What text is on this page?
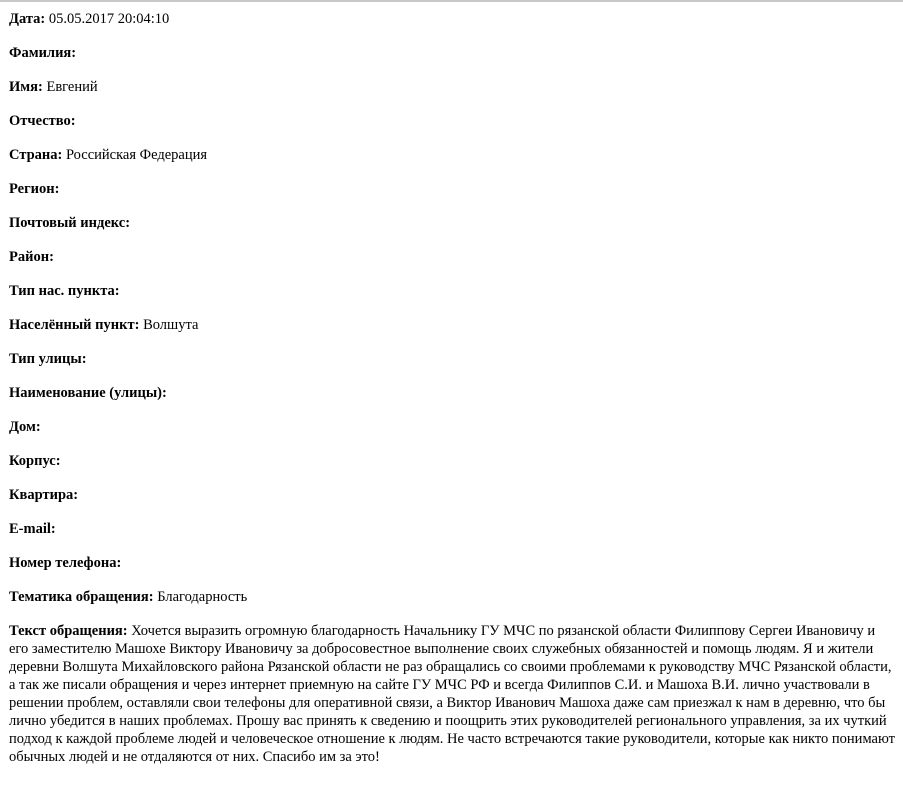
Дата: 05.05.2017 20:04:10
Фамилия:
Имя: Евгений
Отчество:
Страна: Российская Федерация
Регион:
Почтовый индекс:
Район:
Тип нас. пункта:
Населённый пункт: Волшута
Тип улицы:
Наименование (улицы):
Дом:
Корпус:
Квартира:
E-mail:
Номер телефона:
Тематика обращения: Благодарность
Текст обращения: Хочется выразить огромную благодарность Начальнику ГУ МЧС по рязанской области Филиппову Сергеи Ивановичу и его заместителю Машохе Виктору Ивановичу за добросовестное выполнение своих служебных обязанностей и помощь людям. Я и жители деревни Волшута Михайловского района Рязанской области не раз обращались со своими проблемами к руководству МЧС Рязанской области, а так же писали обращения и через интернет приемную на сайте ГУ МЧС РФ и всегда Филиппов С.И. и Машоха В.И. лично участвовали в решении проблем, оставляли свои телефоны для оперативной связи, а Виктор Иванович Машоха даже сам приезжал к нам в деревню, что бы лично убедится в наших проблемах. Прошу вас принять к сведению и поощрить этих руководителей регионального управления, за их чуткий подход к каждой проблеме людей и человеческое отношение к людям. Не часто встречаются такие руководители, которые как никто понимают обычных людей и не отдаляются от них. Спасибо им за это!
